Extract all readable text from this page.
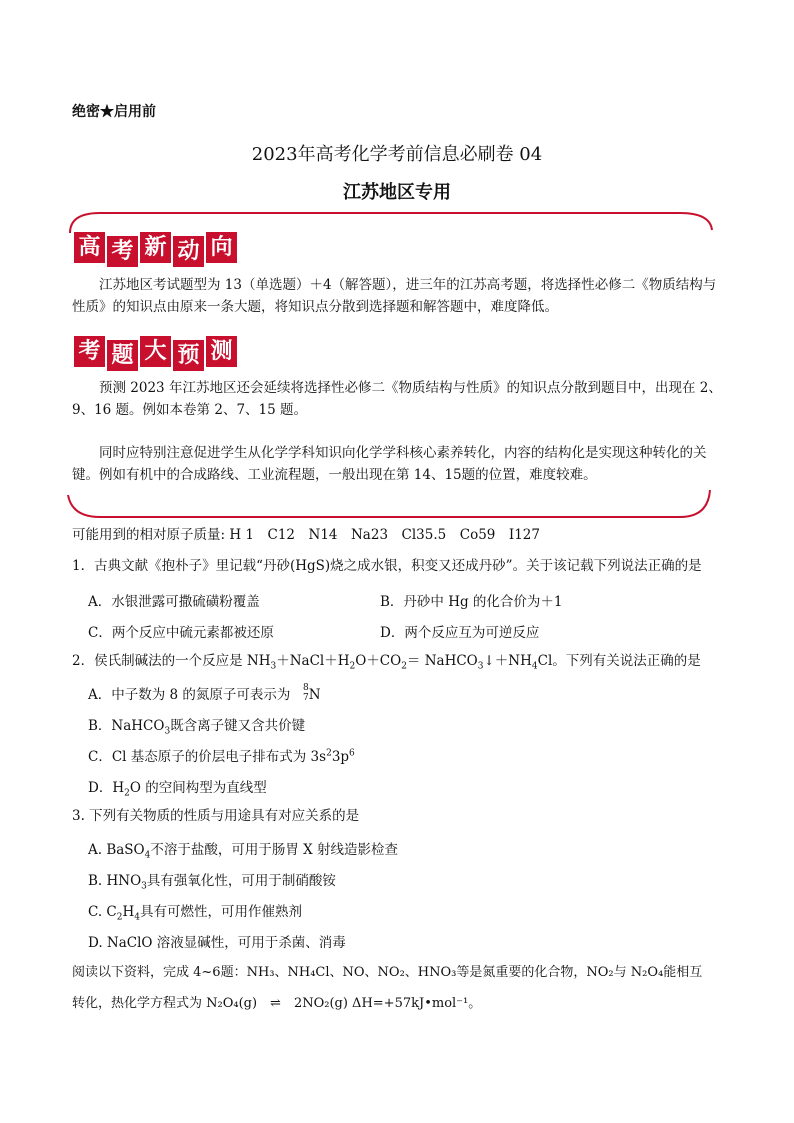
绝密★启用前
2023年高考化学考前信息必刷卷 04
江苏地区专用
高 考 新 动 向
江苏地区考试题型为 13（单选题）＋4（解答题），进三年的江苏高考题，将选择性必修二《物质结构与性质》的知识点由原来一条大题，将知识点分散到选择题和解答题中，难度降低。
考 题 大 预 测
预测 2023 年江苏地区还会延续将选择性必修二《物质结构与性质》的知识点分散到题目中，出现在 2、9、16 题。例如本卷第 2、7、15 题。
同时应特别注意促进学生从化学学科知识向化学学科核心素养转化，内容的结构化是实现这种转化的关键。例如有机中的合成路线、工业流程题，一般出现在第 14、15题的位置，难度较难。
可能用到的相对原子质量: H 1　C12　N14　Na23　Cl35.5　Co59　I127
1．古典文献《抱朴子》里记载“丹砂(HgS)烧之成水银，积变又还成丹砂”。关于该记载下列说法正确的是
A．水银泄露可撒硫磺粉覆盖	B．丹砂中 Hg 的化合价为＋1
C．两个反应中硫元素都被还原	D．两个反应互为可逆反应
2．侯氏制碱法的一个反应是 $NH_3+NaCl+H_2O+CO_2=$ $NaHCO_3↓+NH_4Cl$。下列有关说法正确的是
A．中子数为 8 的氮原子可表示为 8
7N
B．NaHCO$_3$既含离子键又含共价键
C．Cl 基态原子的价层电子排布式为 $3s^23p^6$
D．$H_2O$ 的空间构型为直线型
3. 下列有关物质的性质与用途具有对应关系的是
A. BaSO$_4$不溶于盐酸，可用于肠胃 X 射线造影检查
B. $HNO_3$具有强氧化性，可用于制硝酸铵
C. $C_2H_4$具有可燃性，可用作催熟剂
D. NaClO 溶液显碱性，可用于杀菌、消毒
阅读以下资料，完成 4~6题：NH₃、NH₄Cl、NO、NO₂、HNO₃等是氮重要的化合物，NO₂与 N₂O₄能相互
转化，热化学方程式为 N₂O₄(g)　⇌　2NO₂(g) ΔH=+57kJ•mol⁻¹。
